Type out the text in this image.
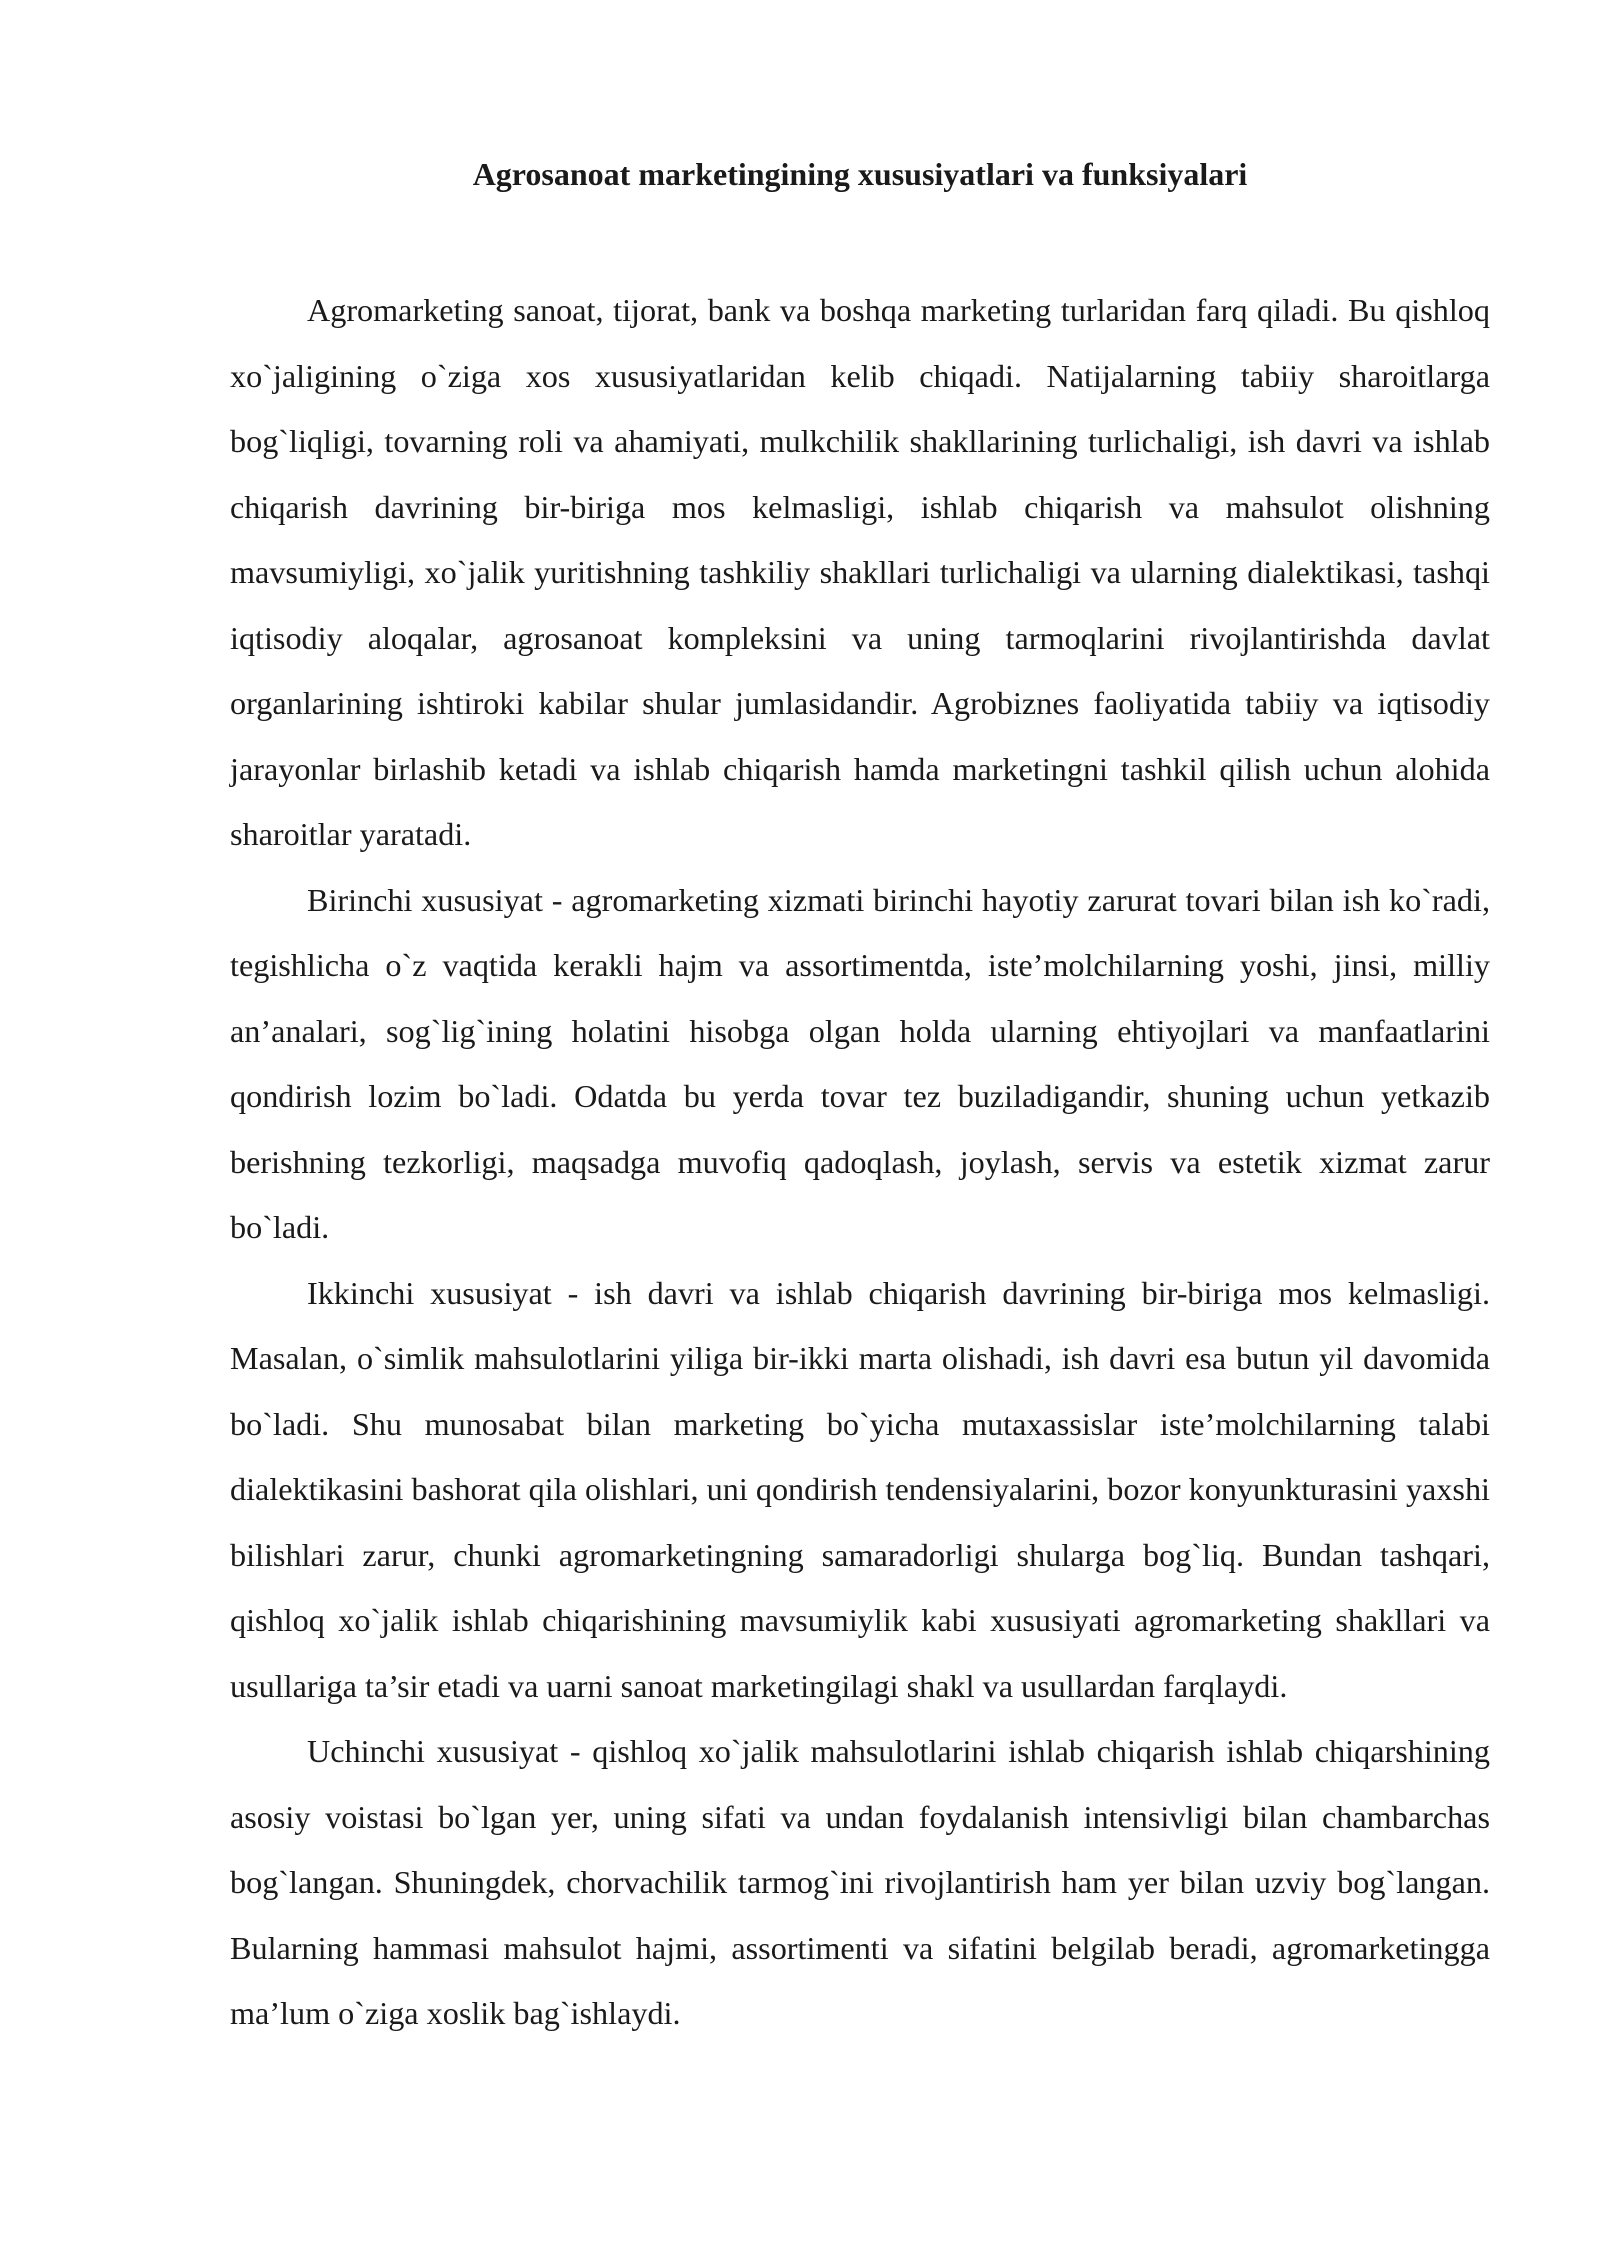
Agrosanoat marketingining xususiyatlari va funksiyalari

Agromarketing sanoat, tijorat, bank va boshqa marketing turlaridan farq qiladi. Bu qishloq xo`jaligining o`ziga xos xususiyatlaridan kelib chiqadi. Natijalarning tabiiy sharoitlarga bog`liqligi, tovarning roli va ahamiyati, mulkchilik shakllarining turlichaligi, ish davri va ishlab chiqarish davrining bir-biriga mos kelmasligi, ishlab chiqarish va mahsulot olishning mavsumiyligi, xo`jalik yuritishning tashkiliy shakllari turlichaligi va ularning dialektikasi, tashqi iqtisodiy aloqalar, agrosanoat kompleksini va uning tarmoqlarini rivojlantirishda davlat organlarining ishtiroki kabilar shular jumlasidandir. Agrobiznes faoliyatida tabiiy va iqtisodiy jarayonlar birlashib ketadi va ishlab chiqarish hamda marketingni tashkil qilish uchun alohida sharoitlar yaratadi.

Birinchi xususiyat - agromarketing xizmati birinchi hayotiy zarurat tovari bilan ish ko`radi, tegishlicha o`z vaqtida kerakli hajm va assortimentda, iste’molchilarning yoshi, jinsi, milliy an’analari, sog`lig`ining holatini hisobga olgan holda ularning ehtiyojlari va manfaatlarini qondirish lozim bo`ladi. Odatda bu yerda tovar tez buziladigandir, shuning uchun yetkazib berishning tezkorligi, maqsadga muvofiq qadoqlash, joylash, servis va estetik xizmat zarur bo`ladi.

Ikkinchi xususiyat - ish davri va ishlab chiqarish davrining bir-biriga mos kelmasligi. Masalan, o`simlik mahsulotlarini yiliga bir-ikki marta olishadi, ish davri esa butun yil davomida bo`ladi. Shu munosabat bilan marketing bo`yicha mutaxassislar iste’molchilarning talabi dialektikasini bashorat qila olishlari, uni qondirish tendensiyalarini, bozor konyunkturasini yaxshi bilishlari zarur, chunki agromarketingning samaradorligi shularga bog`liq. Bundan tashqari, qishloq xo`jalik ishlab chiqarishining mavsumiylik kabi xususiyati agromarketing shakllari va usullariga ta’sir etadi va uarni sanoat marketingilagi shakl va usullardan farqlaydi.

Uchinchi xususiyat - qishloq xo`jalik mahsulotlarini ishlab chiqarish ishlab chiqarshining asosiy voistasi bo`lgan yer, uning sifati va undan foydalanish intensivligi bilan chambarchas bog`langan. Shuningdek, chorvachilik tarmog`ini rivojlantirish ham yer bilan uzviy bog`langan. Bularning hammasi mahsulot hajmi, assortimenti va sifatini belgilab beradi, agromarketingga ma’lum o`ziga xoslik bag`ishlaydi.
